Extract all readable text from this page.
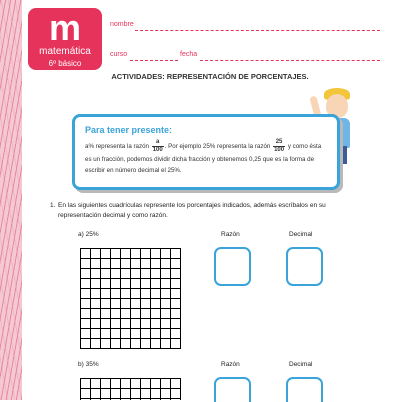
m
matemática
6º básico
nombre
curso	fecha
ACTIVIDADES: REPRESENTACIÓN DE PORCENTAJES.
Para tener presente:
a% representa la razón $\frac{a}{100}$ . Por ejemplo 25% representa la razón $\frac{25}{100}$ y como ésta es un fracción, podemos dividir dicha fracción y obtenemos 0,25 que es la forma de escribir en número decimal el 25%.
1. En las siguientes cuadrículas represente los porcentajes indicados, además escríbalos en su representación decimal y como razón.
a) 25%	Razón	Decimal
b) 35%	Razón	Decimal
